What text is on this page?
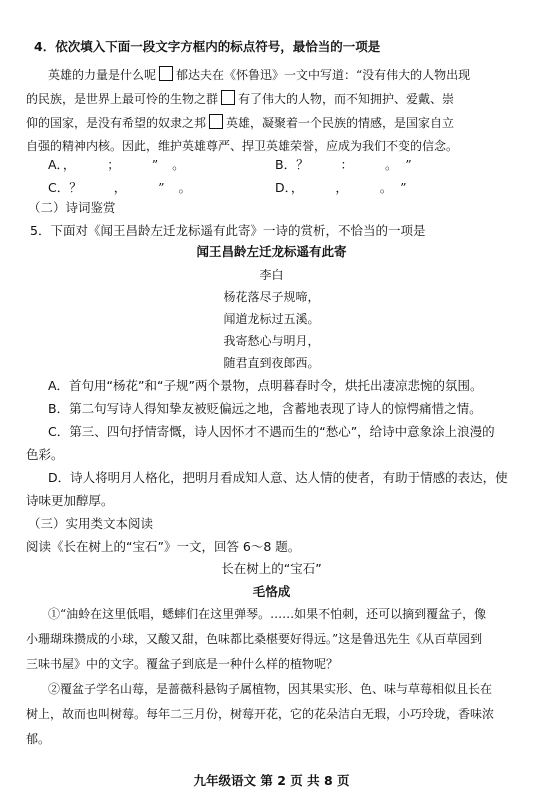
4．依次填入下面一段文字方框内的标点符号，最恰当的一项是
英雄的力量是什么呢 郁达夫在《怀鲁迅》一文中写道：“没有伟大的人物出现
的民族，是世界上最可怜的生物之群 有了伟大的人物，而不知拥护、爱戴、崇
仰的国家，是没有希望的奴隶之邦 英雄，凝聚着一个民族的情感，是国家自立
自强的精神内核。因此，维护英雄尊严、捍卫英雄荣誉，应成为我们不变的信念。
A．， ； ”。	B．？ ： 。”
C．？ ， ”。	D．， ， 。”
（二）诗词鉴赏
5．下面对《闻王昌龄左迁龙标遥有此寄》一诗的赏析，不恰当的一项是
闻王昌龄左迁龙标遥有此寄
李白
杨花落尽子规啼，
闻道龙标过五溪。
我寄愁心与明月，
随君直到夜郎西。
A．首句用“杨花”和“子规”两个景物，点明暮春时令，烘托出凄凉悲惋的氛围。
B．第二句写诗人得知挚友被贬偏远之地，含蓄地表现了诗人的惊愕痛惜之情。
C．第三、四句抒情寄慨，诗人因怀才不遇而生的“愁心”，给诗中意象涂上浪漫的
色彩。
D．诗人将明月人格化，把明月看成知人意、达人情的使者，有助于情感的表达，使
诗味更加醇厚。
（三）实用类文本阅读
阅读《长在树上的“宝石”》一文，回答 6～8 题。
长在树上的“宝石”
毛恪成
①“油蛉在这里低唱，蟋蟀们在这里弹琴。……如果不怕刺，还可以摘到覆盆子，像
小珊瑚珠攒成的小球，又酸又甜，色味都比桑椹要好得远。”这是鲁迅先生《从百草园到
三味书屋》中的文字。覆盆子到底是一种什么样的植物呢？
②覆盆子学名山莓，是蔷薇科悬钩子属植物，因其果实形、色、味与草莓相似且长在
树上，故而也叫树莓。每年二三月份，树莓开花，它的花朵洁白无瑕，小巧玲珑，香味浓
郁。
九年级语文 第 2 页 共 8 页
